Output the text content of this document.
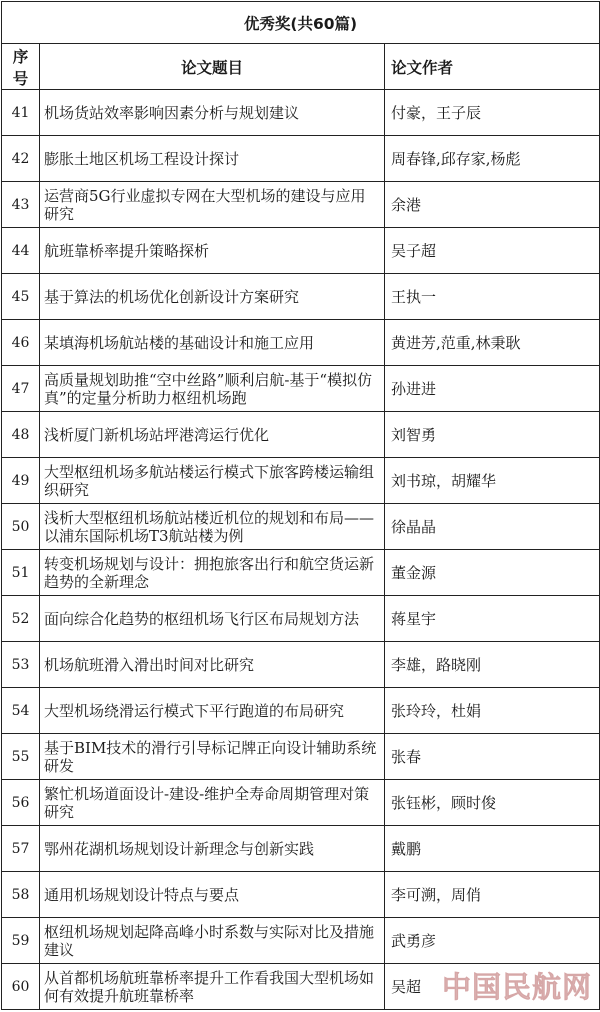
优秀奖(共60篇)		
序号	论文题目	论文作者
41	机场货站效率影响因素分析与规划建议	付豪，王子辰
42	膨胀土地区机场工程设计探讨	周春锋,邱存家,杨彪
43	运营商5G行业虚拟专网在大型机场的建设与应用研究	余港
44	航班靠桥率提升策略探析	吴子超
45	基于算法的机场优化创新设计方案研究	王执一
46	某填海机场航站楼的基础设计和施工应用	黄进芳,范重,林秉耿
47	高质量规划助推“空中丝路”顺利启航-基于“模拟仿真”的定量分析助力枢纽机场跑	孙进进
48	浅析厦门新机场站坪港湾运行优化	刘智勇
49	大型枢纽机场多航站楼运行模式下旅客跨楼运输组织研究	刘书琼，胡耀华
50	浅析大型枢纽机场航站楼近机位的规划和布局——以浦东国际机场T3航站楼为例	徐晶晶
51	转变机场规划与设计：拥抱旅客出行和航空货运新趋势的全新理念	董金源
52	面向综合化趋势的枢纽机场飞行区布局规划方法	蒋星宇
53	机场航班滑入滑出时间对比研究	李雄，路晓刚
54	大型机场绕滑运行模式下平行跑道的布局研究	张玲玲，杜娟
55	基于BIM技术的滑行引导标记牌正向设计辅助系统研发	张春
56	繁忙机场道面设计-建设-维护全寿命周期管理对策研究	张钰彬，顾时俊
57	鄂州花湖机场规划设计新理念与创新实践	戴鹏
58	通用机场规划设计特点与要点	李可溯，周俏
59	枢纽机场规划起降高峰小时系数与实际对比及措施建议	武勇彦
60	从首都机场航班靠桥率提升工作看我国大型机场如何有效提升航班靠桥率	吴超 中国民航网
